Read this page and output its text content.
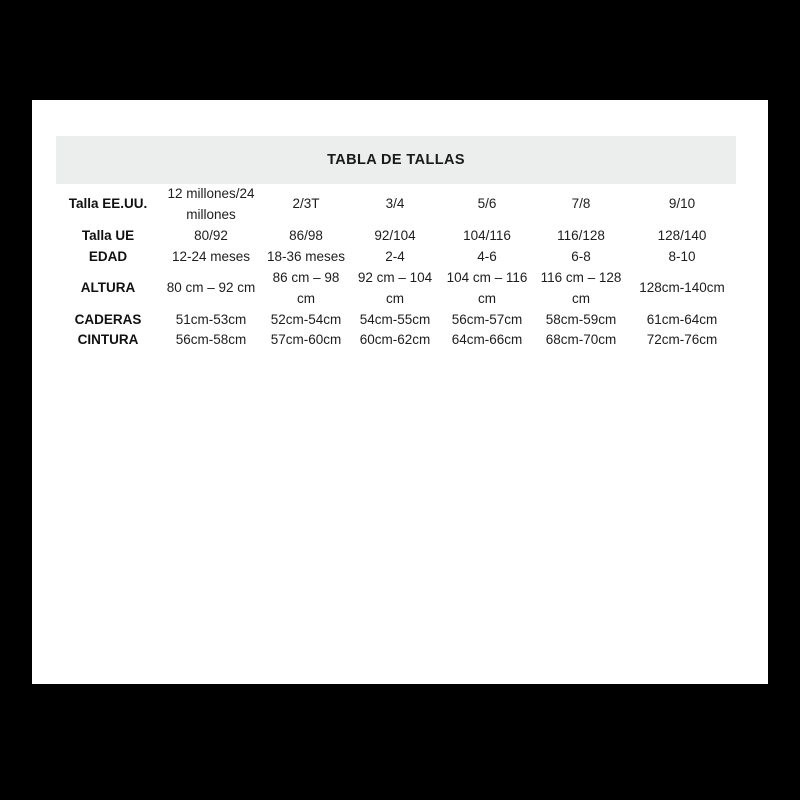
TABLA DE TALLAS						
Talla EE.UU.	12 millones/24 millones	2/3T	3/4	5/6	7/8	9/10
Talla UE	80/92	86/98	92/104	104/116	116/128	128/140
EDAD	12-24 meses	18-36 meses	2-4	4-6	6-8	8-10
ALTURA	80 cm – 92 cm	86 cm – 98 cm	92 cm – 104 cm	104 cm – 116 cm	116 cm – 128 cm	128cm-140cm
CADERAS	51cm-53cm	52cm-54cm	54cm-55cm	56cm-57cm	58cm-59cm	61cm-64cm
CINTURA	56cm-58cm	57cm-60cm	60cm-62cm	64cm-66cm	68cm-70cm	72cm-76cm
